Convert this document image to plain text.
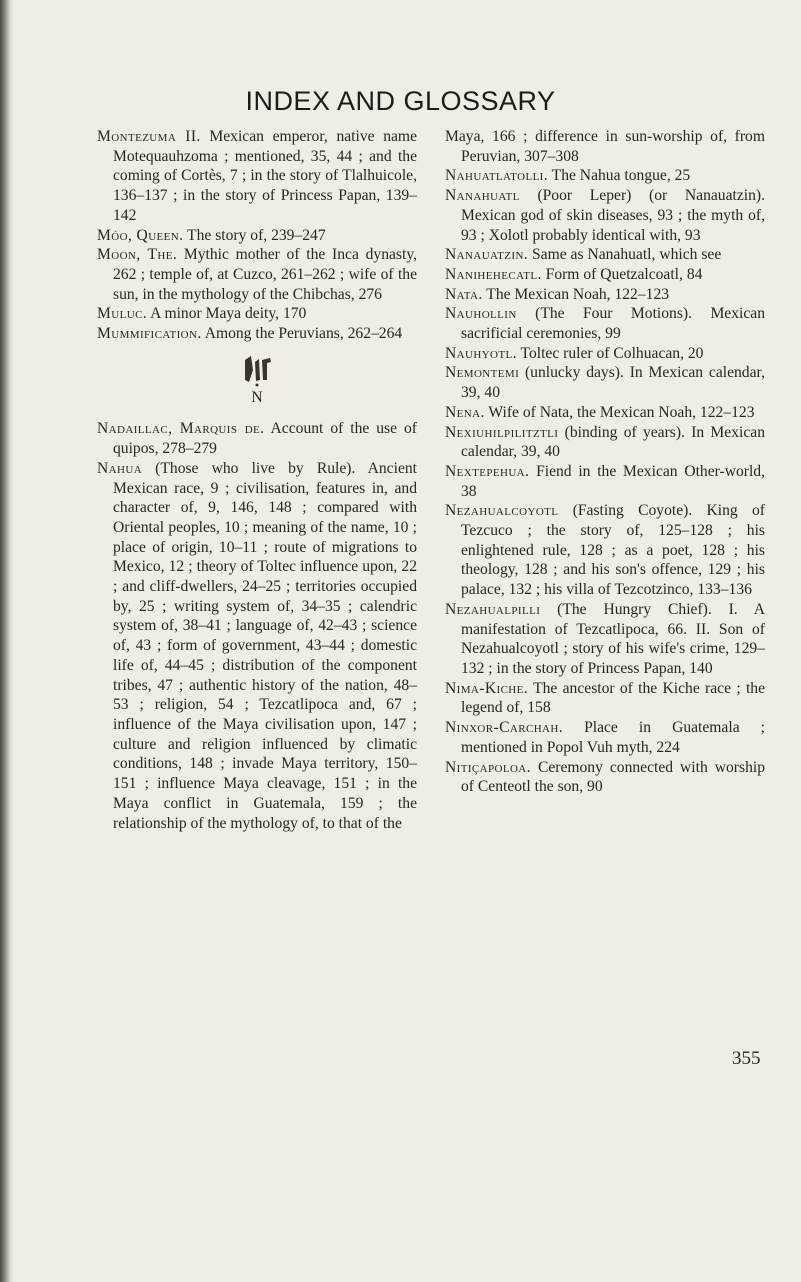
INDEX AND GLOSSARY

Montezuma II. Mexican emperor, native name Motequauhzoma ; mentioned, 35, 44 ; and the coming of Cortès, 7 ; in the story of Tlalhuicole, 136–137 ; in the story of Princess Papan, 139–142

Móo, Queen. The story of, 239–247

Moon, The. Mythic mother of the Inca dynasty, 262 ; temple of, at Cuzco, 261–262 ; wife of the sun, in the mythology of the Chibchas, 276

Muluc. A minor Maya deity, 170

Mummification. Among the Peruvians, 262–264

N

Nadaillac, Marquis de. Account of the use of quipos, 278–279

Nahua (Those who live by Rule). Ancient Mexican race, 9 ; civilisation, features in, and character of, 9, 146, 148 ; compared with Oriental peoples, 10 ; meaning of the name, 10 ; place of origin, 10–11 ; route of migrations to Mexico, 12 ; theory of Toltec influence upon, 22 ; and cliff-dwellers, 24–25 ; territories occupied by, 25 ; writing system of, 34–35 ; calendric system of, 38–41 ; language of, 42–43 ; science of, 43 ; form of government, 43–44 ; domestic life of, 44–45 ; distribution of the component tribes, 47 ; authentic history of the nation, 48–53 ; religion, 54 ; Tezcatlipoca and, 67 ; influence of the Maya civilisation upon, 147 ; culture and religion influenced by climatic conditions, 148 ; invade Maya territory, 150–151 ; influence Maya cleavage, 151 ; in the Maya conflict in Guatemala, 159 ; the relationship of the mythology of, to that of the

Maya, 166 ; difference in sun-worship of, from Peruvian, 307–308

Nahuatlatolli. The Nahua tongue, 25

Nanahuatl (Poor Leper) (or Nanauatzin). Mexican god of skin diseases, 93 ; the myth of, 93 ; Xolotl probably identical with, 93

Nanauatzin. Same as Nanahuatl, which see

Nanihehecatl. Form of Quetzalcoatl, 84

Nata. The Mexican Noah, 122–123

Nauhollin (The Four Motions). Mexican sacrificial ceremonies, 99

Nauhyotl. Toltec ruler of Colhuacan, 20

Nemontemi (unlucky days). In Mexican calendar, 39, 40

Nena. Wife of Nata, the Mexican Noah, 122–123

Nexiuhilpilitztli (binding of years). In Mexican calendar, 39, 40

Nextepehua. Fiend in the Mexican Other-world, 38

Nezahualcoyotl (Fasting Coyote). King of Tezcuco ; the story of, 125–128 ; his enlightened rule, 128 ; as a poet, 128 ; his theology, 128 ; and his son's offence, 129 ; his palace, 132 ; his villa of Tezcotzinco, 133–136

Nezahualpilli (The Hungry Chief). I. A manifestation of Tezcatlipoca, 66. II. Son of Nezahualcoyotl ; story of his wife's crime, 129–132 ; in the story of Princess Papan, 140

Nima-Kiche. The ancestor of the Kiche race ; the legend of, 158

Ninxor-Carchah. Place in Guatemala ; mentioned in Popol Vuh myth, 224

Nitiçapoloa. Ceremony connected with worship of Centeotl the son, 90

355
